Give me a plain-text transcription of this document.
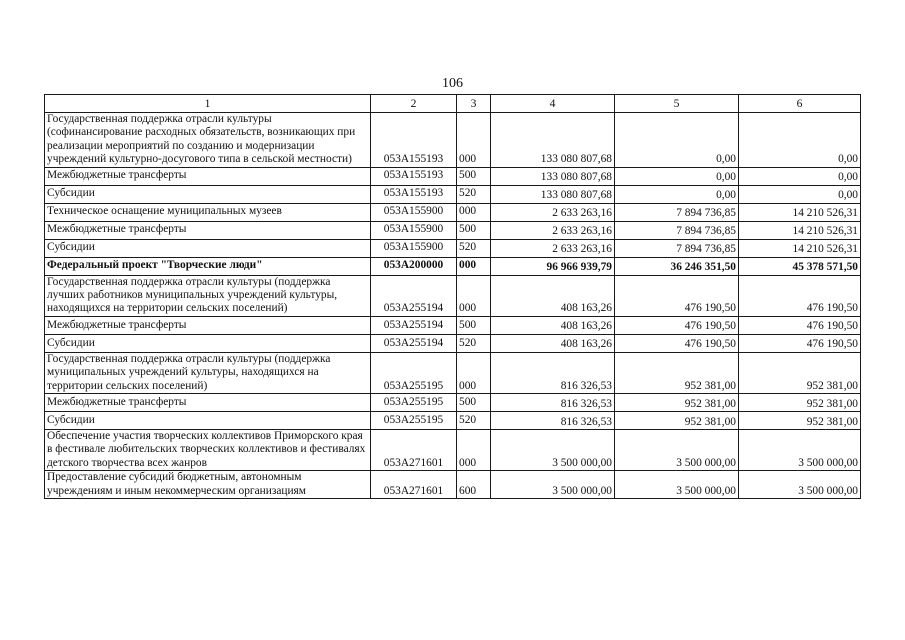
106
1	2	3	4	5	6
Государственная поддержка отрасли культуры (софинансирование расходных обязательств, возникающих при реализации мероприятий по созданию и модернизации учреждений культурно-досугового типа в сельской местности)	053A155193	000	133 080 807,68	0,00	0,00
Межбюджетные трансферты	053A155193	500	133 080 807,68	0,00	0,00
Субсидии	053A155193	520	133 080 807,68	0,00	0,00
Техническое оснащение муниципальных музеев	053A155900	000	2 633 263,16	7 894 736,85	14 210 526,31
Межбюджетные трансферты	053A155900	500	2 633 263,16	7 894 736,85	14 210 526,31
Субсидии	053A155900	520	2 633 263,16	7 894 736,85	14 210 526,31
Федеральный проект "Творческие люди"	053A200000	000	96 966 939,79	36 246 351,50	45 378 571,50
Государственная поддержка отрасли культуры (поддержка лучших работников муниципальных учреждений культуры, находящихся на территории сельских поселений)	053A255194	000	408 163,26	476 190,50	476 190,50
Межбюджетные трансферты	053A255194	500	408 163,26	476 190,50	476 190,50
Субсидии	053A255194	520	408 163,26	476 190,50	476 190,50
Государственная поддержка отрасли культуры (поддержка муниципальных учреждений культуры, находящихся на территории сельских поселений)	053A255195	000	816 326,53	952 381,00	952 381,00
Межбюджетные трансферты	053A255195	500	816 326,53	952 381,00	952 381,00
Субсидии	053A255195	520	816 326,53	952 381,00	952 381,00
Обеспечение участия творческих коллективов Приморского края в фестивале любительских творческих коллективов и фестивалях детского творчества всех жанров	053A271601	000	3 500 000,00	3 500 000,00	3 500 000,00
Предоставление субсидий бюджетным, автономным учреждениям и иным некоммерческим организациям	053A271601	600	3 500 000,00	3 500 000,00	3 500 000,00
